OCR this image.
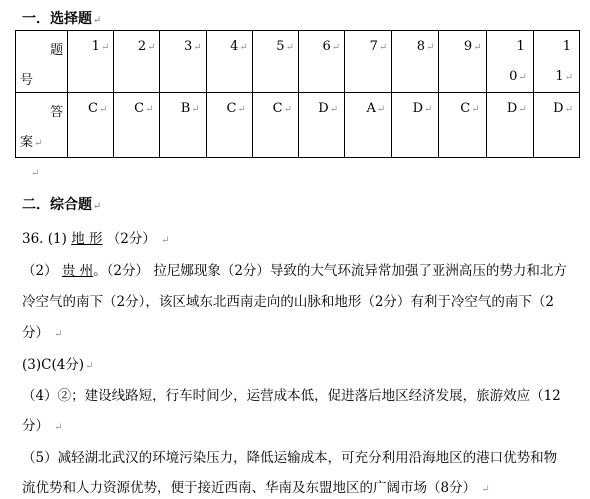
一．选择题↵
题
号	1↵	2↵	3↵	4↵	5↵	6↵	7↵	8↵	9↵	1
0↵	1
1↵

答
案↵	C↵	C↵	B↵	C↵	C↵	D↵	A↵	D↵	C↵	D↵	D↵
↵
二．综合题↵
36. (1) 地 形 （2分） ↵
（2） 贵 州。（2分） 拉尼娜现象（2分）导致的大气环流异常加强了亚洲高压的势力和北方
冷空气的南下（2分），该区域东北西南走向的山脉和地形（2分）有利于冷空气的南下（2
分） ↵
(3)C(4分)↵
（4）②；建设线路短，行车时间少，运营成本低，促进落后地区经济发展，旅游效应（12
分） ↵
（5）减轻湖北武汉的环境污染压力，降低运输成本，可充分利用沿海地区的港口优势和物
流优势和人力资源优势，便于接近西南、华南及东盟地区的广阔市场（8分） ↵
